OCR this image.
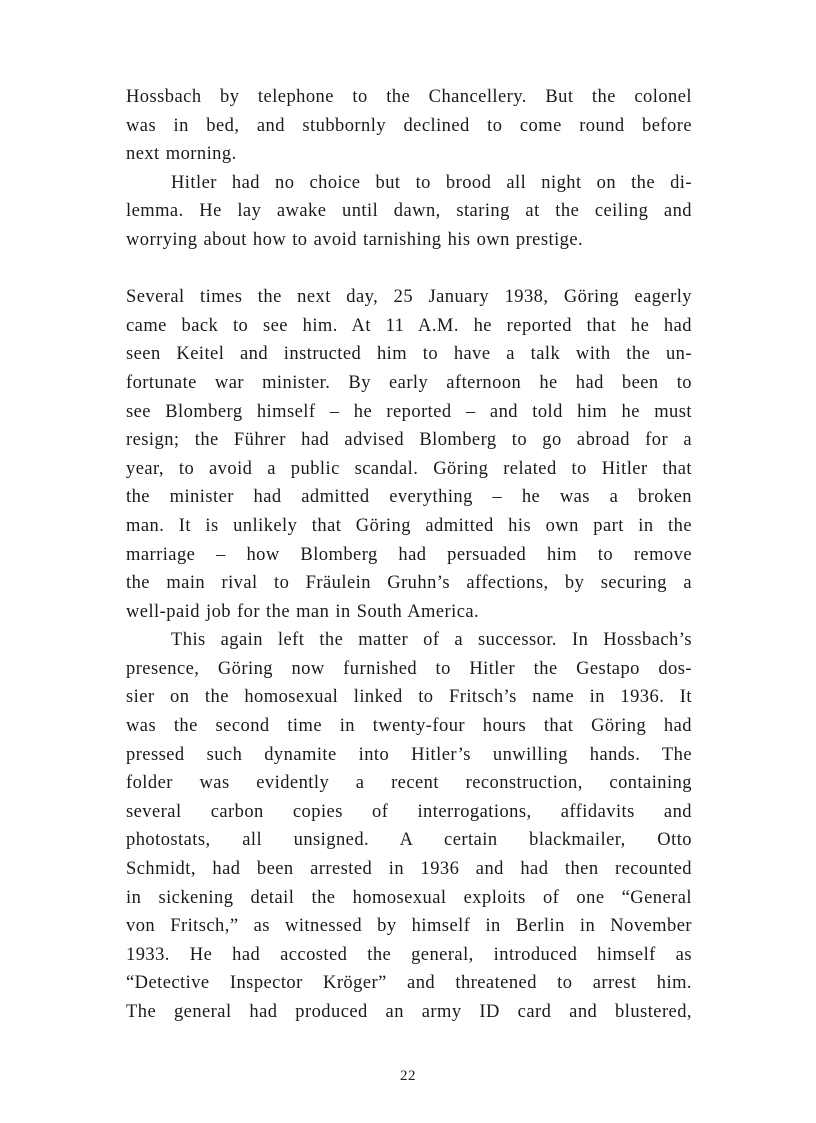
Hossbach by telephone to the Chancellery. But the colonel
was in bed, and stubbornly declined to come round before
next morning.
Hitler had no choice but to brood all night on the di-
lemma. He lay awake until dawn, staring at the ceiling and
worrying about how to avoid tarnishing his own prestige.
Several times the next day, 25 January 1938, Göring eagerly
came back to see him. At 11 A.M. he reported that he had
seen Keitel and instructed him to have a talk with the un-
fortunate war minister. By early afternoon he had been to
see Blomberg himself – he reported – and told him he must
resign; the Führer had advised Blomberg to go abroad for a
year, to avoid a public scandal. Göring related to Hitler that
the minister had admitted everything – he was a broken
man. It is unlikely that Göring admitted his own part in the
marriage – how Blomberg had persuaded him to remove
the main rival to Fräulein Gruhn’s affections, by securing a
well-paid job for the man in South America.
This again left the matter of a successor. In Hossbach’s
presence, Göring now furnished to Hitler the Gestapo dos-
sier on the homosexual linked to Fritsch’s name in 1936. It
was the second time in twenty-four hours that Göring had
pressed such dynamite into Hitler’s unwilling hands. The
folder was evidently a recent reconstruction, containing
several carbon copies of interrogations, affidavits and
photostats, all unsigned. A certain blackmailer, Otto
Schmidt, had been arrested in 1936 and had then recounted
in sickening detail the homosexual exploits of one “General
von Fritsch,” as witnessed by himself in Berlin in November
1933. He had accosted the general, introduced himself as
“Detective Inspector Kröger” and threatened to arrest him.
The general had produced an army ID card and blustered,
22
